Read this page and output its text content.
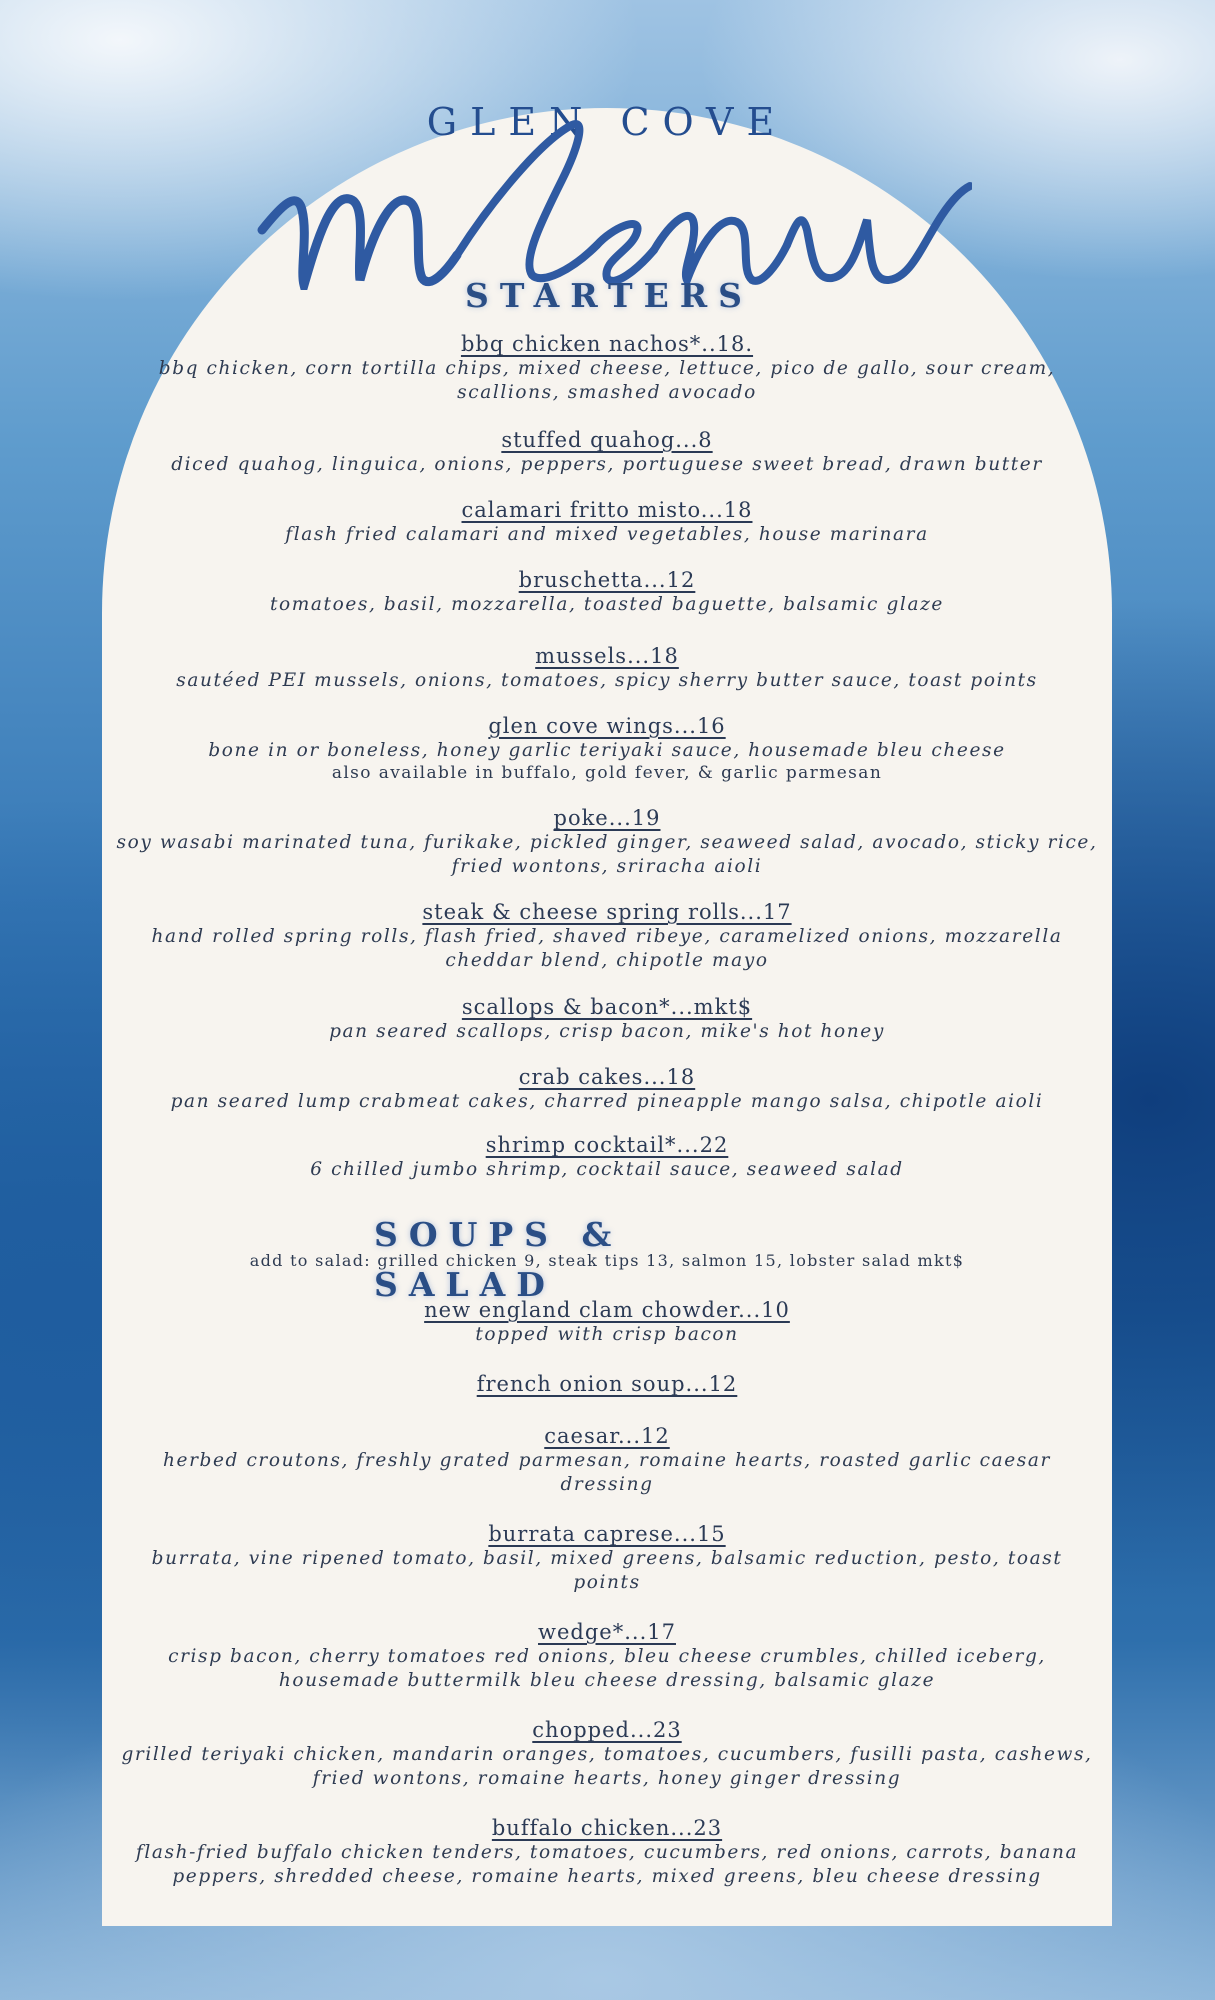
GLEN COVE
STARTERS
bbq chicken nachos*..18.
bbq chicken, corn tortilla chips, mixed cheese, lettuce, pico de gallo, sour cream, scallions, smashed avocado
stuffed quahog...8
diced quahog, linguica, onions, peppers, portuguese sweet bread, drawn butter
calamari fritto misto...18
flash fried calamari and mixed vegetables, house marinara
bruschetta...12
tomatoes, basil, mozzarella, toasted baguette, balsamic glaze
mussels...18
sautéed PEI mussels, onions, tomatoes, spicy sherry butter sauce, toast points
glen cove wings...16
bone in or boneless, honey garlic teriyaki sauce, housemade bleu cheese
also available in buffalo, gold fever, & garlic parmesan
poke...19
soy wasabi marinated tuna, furikake, pickled ginger, seaweed salad, avocado, sticky rice, fried wontons, sriracha aioli
steak & cheese spring rolls...17
hand rolled spring rolls, flash fried, shaved ribeye, caramelized onions, mozzarella cheddar blend, chipotle mayo
scallops & bacon*...mkt$
pan seared scallops, crisp bacon, mike's hot honey
crab cakes...18
pan seared lump crabmeat cakes, charred pineapple mango salsa, chipotle aioli
shrimp cocktail*...22
6 chilled jumbo shrimp, cocktail sauce, seaweed salad
SOUPS &
SALAD
add to salad: grilled chicken 9, steak tips 13, salmon 15, lobster salad mkt$
new england clam chowder...10
topped with crisp bacon
french onion soup...12
caesar...12
herbed croutons, freshly grated parmesan, romaine hearts, roasted garlic caesar dressing
burrata caprese...15
burrata, vine ripened tomato, basil, mixed greens, balsamic reduction, pesto, toast points
wedge*...17
crisp bacon, cherry tomatoes red onions, bleu cheese crumbles, chilled iceberg, housemade buttermilk bleu cheese dressing, balsamic glaze
chopped...23
grilled teriyaki chicken, mandarin oranges, tomatoes, cucumbers, fusilli pasta, cashews, fried wontons, romaine hearts, honey ginger dressing
buffalo chicken...23
flash-fried buffalo chicken tenders, tomatoes, cucumbers, red onions, carrots, banana peppers, shredded cheese, romaine hearts, mixed greens, bleu cheese dressing
